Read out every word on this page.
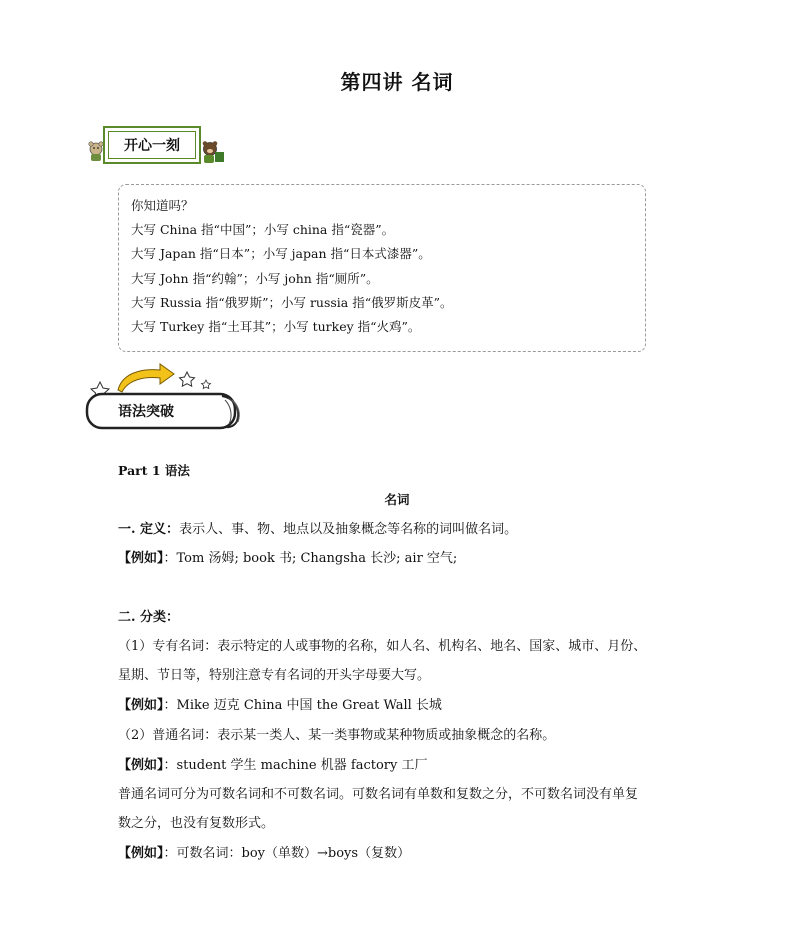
第四讲 名词
开心一刻
你知道吗？
大写 China 指“中国”；小写 china 指“瓷器”。
大写 Japan 指“日本”；小写 japan 指“日本式漆器”。
大写 John 指“约翰”；小写 john 指“厕所”。
大写 Russia 指“俄罗斯”；小写 russia 指“俄罗斯皮革”。
大写 Turkey 指“土耳其”；小写 turkey 指“火鸡”。
语法突破
Part 1 语法
名词
一. 定义：表示人、事、物、地点以及抽象概念等名称的词叫做名词。
【例如】：Tom 汤姆; book 书; Changsha 长沙; air 空气;
二. 分类：
（1）专有名词：表示特定的人或事物的名称，如人名、机构名、地名、国家、城市、月份、
星期、节日等，特别注意专有名词的开头字母要大写。
【例如】：Mike 迈克 China 中国 the Great Wall 长城
（2）普通名词：表示某一类人、某一类事物或某种物质或抽象概念的名称。
【例如】：student 学生 machine 机器 factory 工厂
普通名词可分为可数名词和不可数名词。可数名词有单数和复数之分，不可数名词没有单复
数之分，也没有复数形式。
【例如】：可数名词：boy（单数）→boys（复数）
